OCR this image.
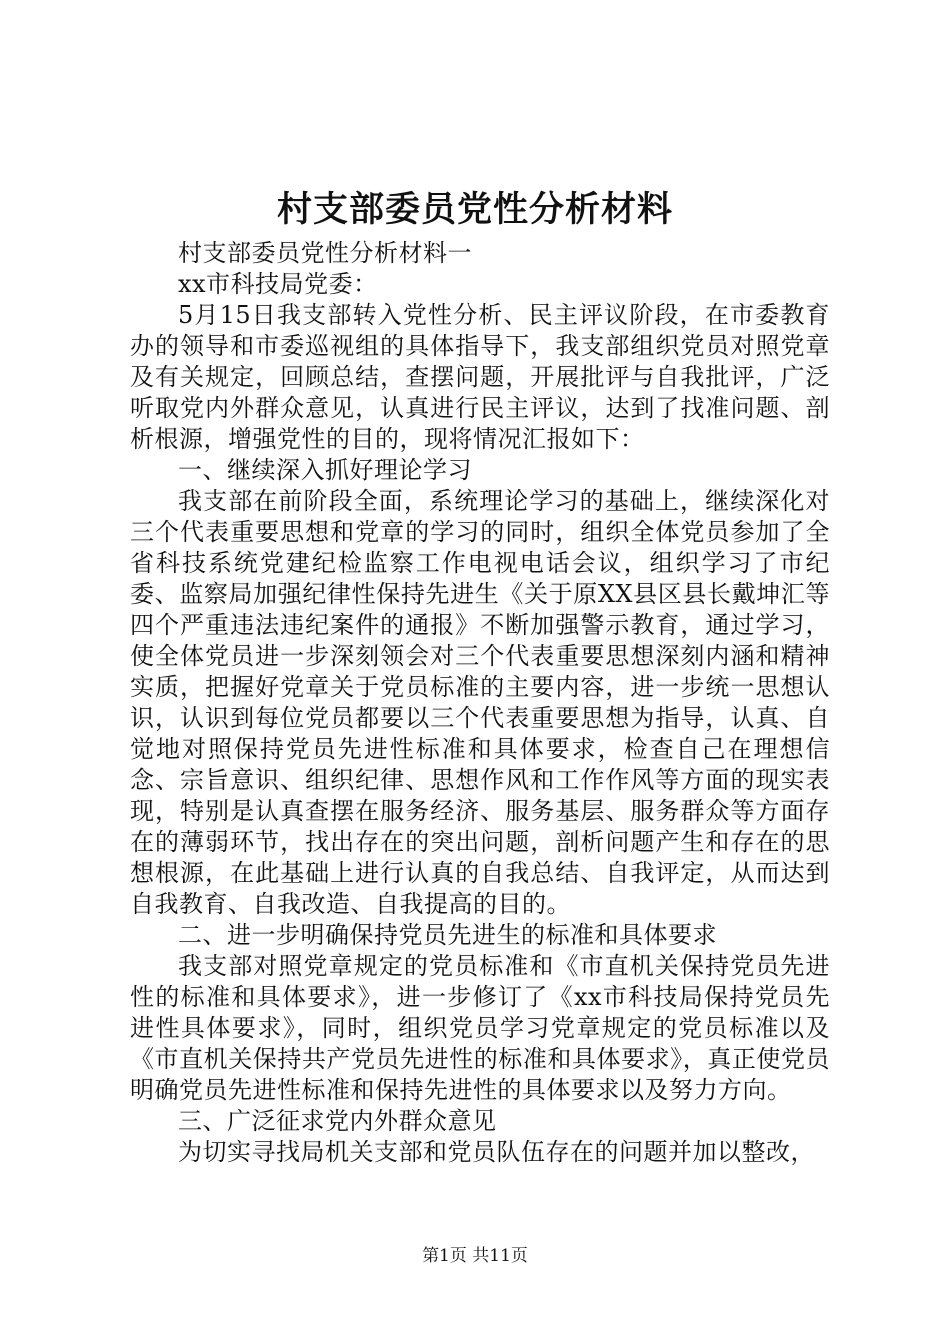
村支部委员党性分析材料

村支部委员党性分析材料一

xx市科技局党委：

5月15日我支部转入党性分析、民主评议阶段，在市委教育办的领导和市委巡视组的具体指导下，我支部组织党员对照党章及有关规定，回顾总结，查摆问题，开展批评与自我批评，广泛听取党内外群众意见，认真进行民主评议，达到了找准问题、剖析根源，增强党性的目的，现将情况汇报如下：

一、继续深入抓好理论学习

我支部在前阶段全面，系统理论学习的基础上，继续深化对三个代表重要思想和党章的学习的同时，组织全体党员参加了全省科技系统党建纪检监察工作电视电话会议，组织学习了市纪委、监察局加强纪律性保持先进生《关于原XX县区县长戴坤汇等四个严重违法违纪案件的通报》不断加强警示教育，通过学习，使全体党员进一步深刻领会对三个代表重要思想深刻内涵和精神实质，把握好党章关于党员标准的主要内容，进一步统一思想认识，认识到每位党员都要以三个代表重要思想为指导，认真、自觉地对照保持党员先进性标准和具体要求，检查自己在理想信念、宗旨意识、组织纪律、思想作风和工作作风等方面的现实表现，特别是认真查摆在服务经济、服务基层、服务群众等方面存在的薄弱环节，找出存在的突出问题，剖析问题产生和存在的思想根源，在此基础上进行认真的自我总结、自我评定，从而达到自我教育、自我改造、自我提高的目的。

二、进一步明确保持党员先进生的标准和具体要求

我支部对照党章规定的党员标准和《市直机关保持党员先进性的标准和具体要求》，进一步修订了《xx市科技局保持党员先进性具体要求》，同时，组织党员学习党章规定的党员标准以及《市直机关保持共产党员先进性的标准和具体要求》，真正使党员明确党员先进性标准和保持先进性的具体要求以及努力方向。

三、广泛征求党内外群众意见

为切实寻找局机关支部和党员队伍存在的问题并加以整改，

第1页 共11页
